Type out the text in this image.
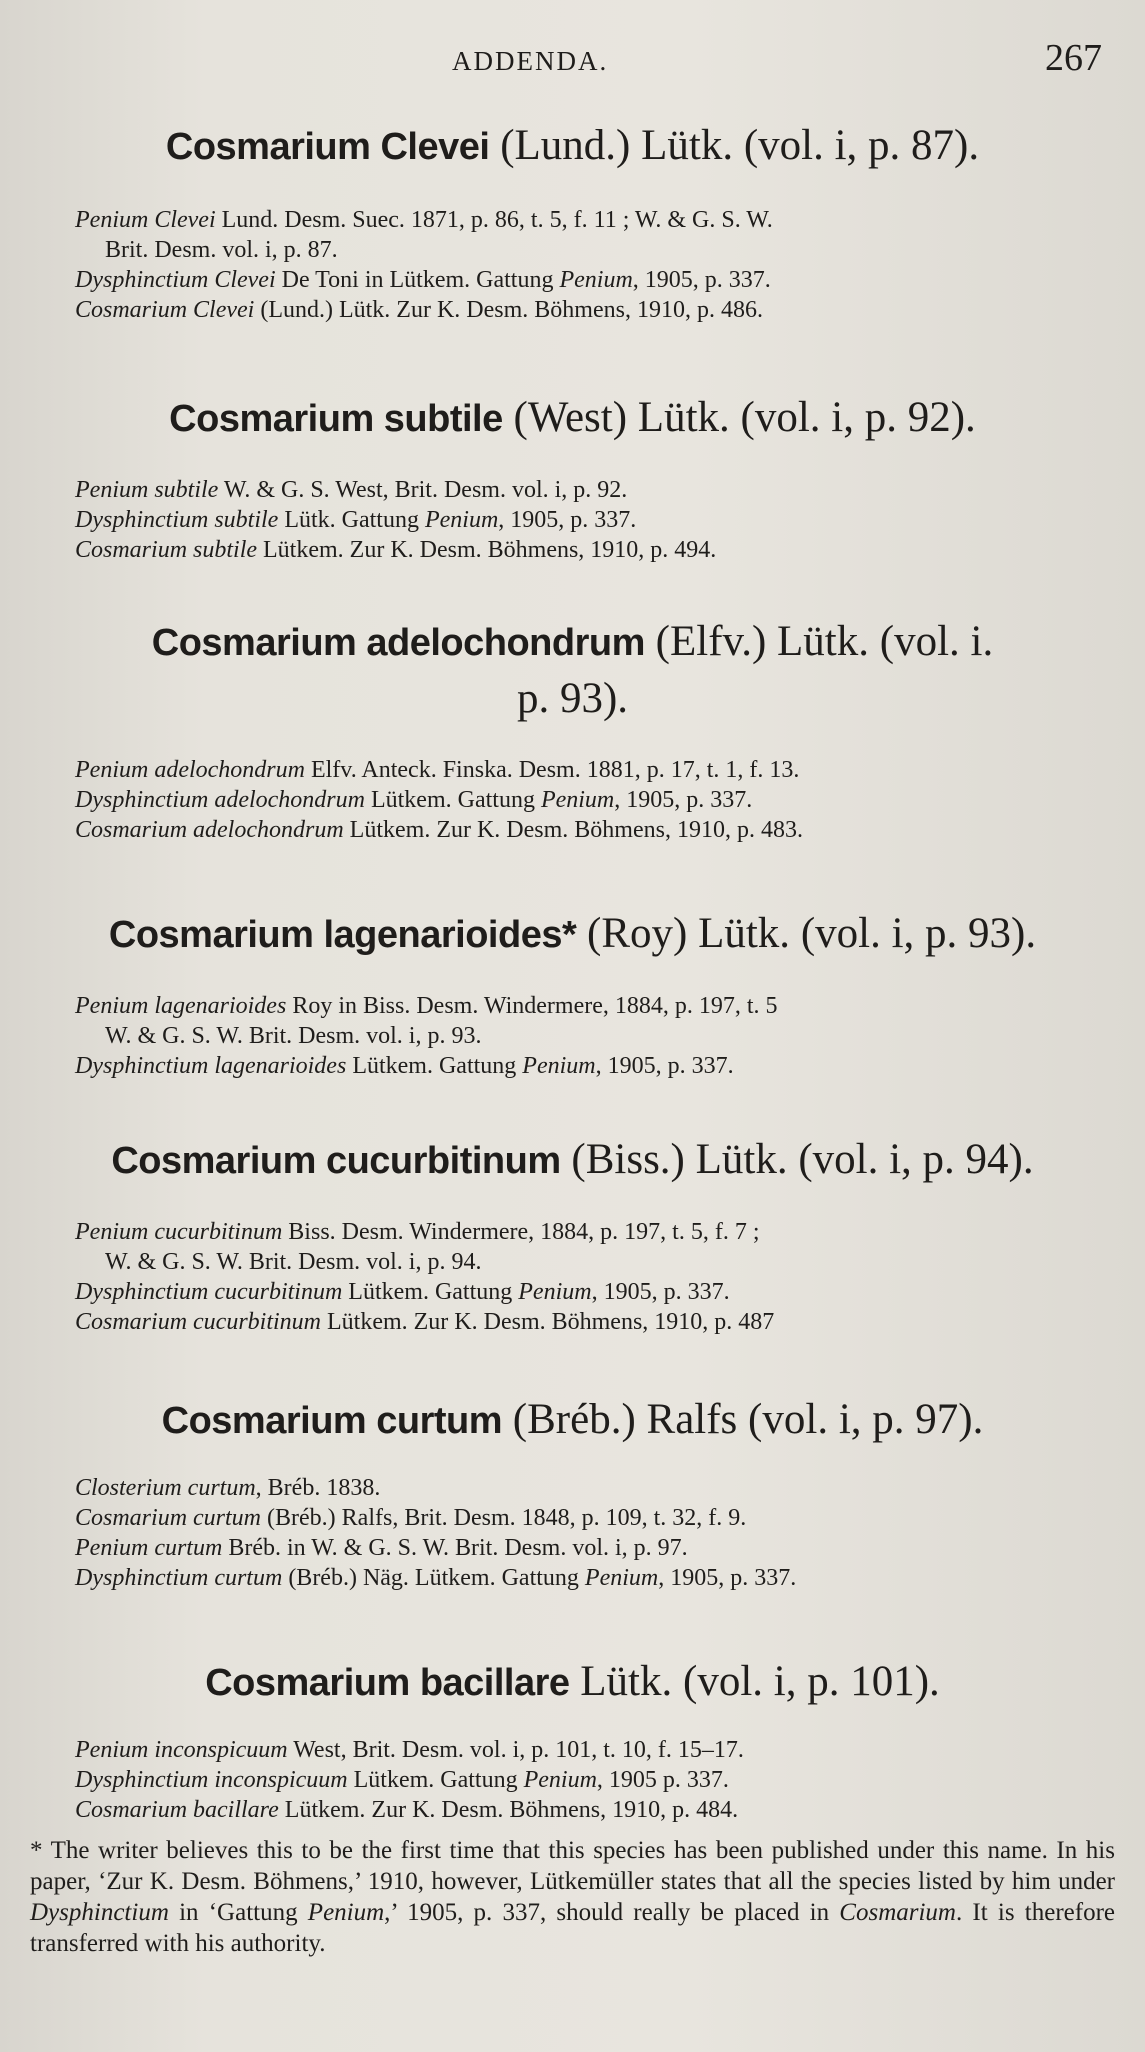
ADDENDA.	267
Cosmarium Clevei (Lund.) Lütk. (vol. i, p. 87).

Penium Clevei Lund. Desm. Suec. 1871, p. 86, t. 5, f. 11 ; W. & G. S. W.
Brit. Desm. vol. i, p. 87.

Dysphinctium Clevei De Toni in Lütkem. Gattung Penium, 1905, p. 337.

Cosmarium Clevei (Lund.) Lütk. Zur K. Desm. Böhmens, 1910, p. 486.

Cosmarium subtile (West) Lütk. (vol. i, p. 92).

Penium subtile W. & G. S. West, Brit. Desm. vol. i, p. 92.

Dysphinctium subtile Lütk. Gattung Penium, 1905, p. 337.

Cosmarium subtile Lütkem. Zur K. Desm. Böhmens, 1910, p. 494.

Cosmarium adelochondrum (Elfv.) Lütk. (vol. i.
p. 93).

Penium adelochondrum Elfv. Anteck. Finska. Desm. 1881, p. 17, t. 1, f. 13.

Dysphinctium adelochondrum Lütkem. Gattung Penium, 1905, p. 337.

Cosmarium adelochondrum Lütkem. Zur K. Desm. Böhmens, 1910, p. 483.

Cosmarium lagenarioides* (Roy) Lütk. (vol. i, p. 93).

Penium lagenarioides Roy in Biss. Desm. Windermere, 1884, p. 197, t. 5
W. & G. S. W. Brit. Desm. vol. i, p. 93.

Dysphinctium lagenarioides Lütkem. Gattung Penium, 1905, p. 337.

Cosmarium cucurbitinum (Biss.) Lütk. (vol. i, p. 94).

Penium cucurbitinum Biss. Desm. Windermere, 1884, p. 197, t. 5, f. 7 ;
W. & G. S. W. Brit. Desm. vol. i, p. 94.

Dysphinctium cucurbitinum Lütkem. Gattung Penium, 1905, p. 337.

Cosmarium cucurbitinum Lütkem. Zur K. Desm. Böhmens, 1910, p. 487

Cosmarium curtum (Bréb.) Ralfs (vol. i, p. 97).

Closterium curtum, Bréb. 1838.

Cosmarium curtum (Bréb.) Ralfs, Brit. Desm. 1848, p. 109, t. 32, f. 9.

Penium curtum Bréb. in W. & G. S. W. Brit. Desm. vol. i, p. 97.

Dysphinctium curtum (Bréb.) Näg. Lütkem. Gattung Penium, 1905, p. 337.

Cosmarium bacillare Lütk. (vol. i, p. 101).

Penium inconspicuum West, Brit. Desm. vol. i, p. 101, t. 10, f. 15–17.

Dysphinctium inconspicuum Lütkem. Gattung Penium, 1905 p. 337.

Cosmarium bacillare Lütkem. Zur K. Desm. Böhmens, 1910, p. 484.

* The writer believes this to be the first time that this species has been published under this name. In his paper, ‘Zur K. Desm. Böhmens,’ 1910, however, Lütkemüller states that all the species listed by him under Dysphinctium in ‘Gattung Penium,’ 1905, p. 337, should really be placed in Cosmarium. It is therefore transferred with his authority.
